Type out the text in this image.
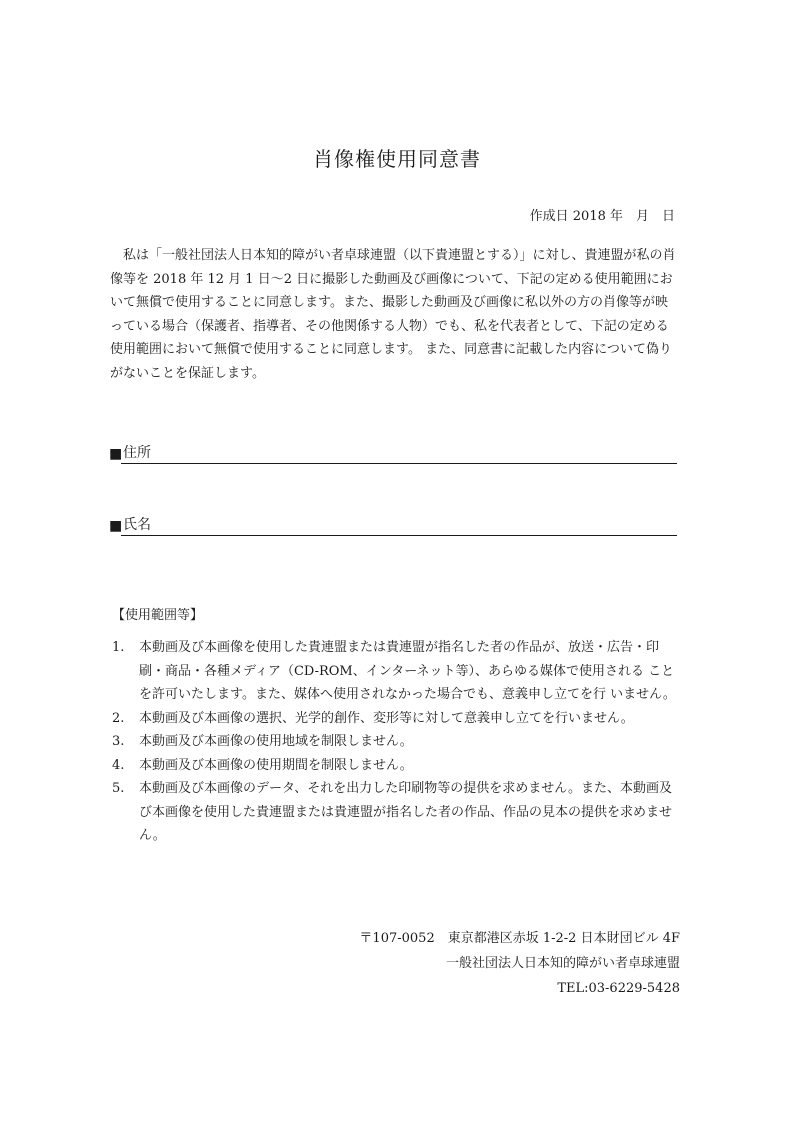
肖像権使用同意書
作成日 2018 年　月　日

私は「一般社団法人日本知的障がい者卓球連盟（以下貴連盟とする）」に対し、貴連盟が私の肖像等を 2018 年 12 月 1 日〜2 日に撮影した動画及び画像について、下記の定める使用範囲において無償で使用することに同意します。また、撮影した動画及び画像に私以外の方の肖像等が映っている場合（保護者、指導者、その他関係する人物）でも、私を代表者として、下記の定める使用範囲において無償で使用することに同意します。 また、同意書に記載した内容について偽りがないことを保証します。

■ 住所
■ 氏名
【使用範囲等】
1. 本動画及び本画像を使用した貴連盟または貴連盟が指名した者の作品が、放送・広告・印 刷・商品・各種メディア（CD-ROM、インターネット等）、あらゆる媒体で使用される ことを許可いたします。また、媒体へ使用されなかった場合でも、意義申し立てを行 いません。
2. 本動画及び本画像の選択、光学的創作、変形等に対して意義申し立てを行いません。
3. 本動画及び本画像の使用地域を制限しません。
4. 本動画及び本画像の使用期間を制限しません。
5. 本動画及び本画像のデータ、それを出力した印刷物等の提供を求めません。また、本動画及び本画像を使用した貴連盟または貴連盟が指名した者の作品、作品の見本の提供を求めません。
〒107-0052　東京都港区赤坂 1-2-2 日本財団ビル 4F
一般社団法人日本知的障がい者卓球連盟
TEL:03-6229-5428
